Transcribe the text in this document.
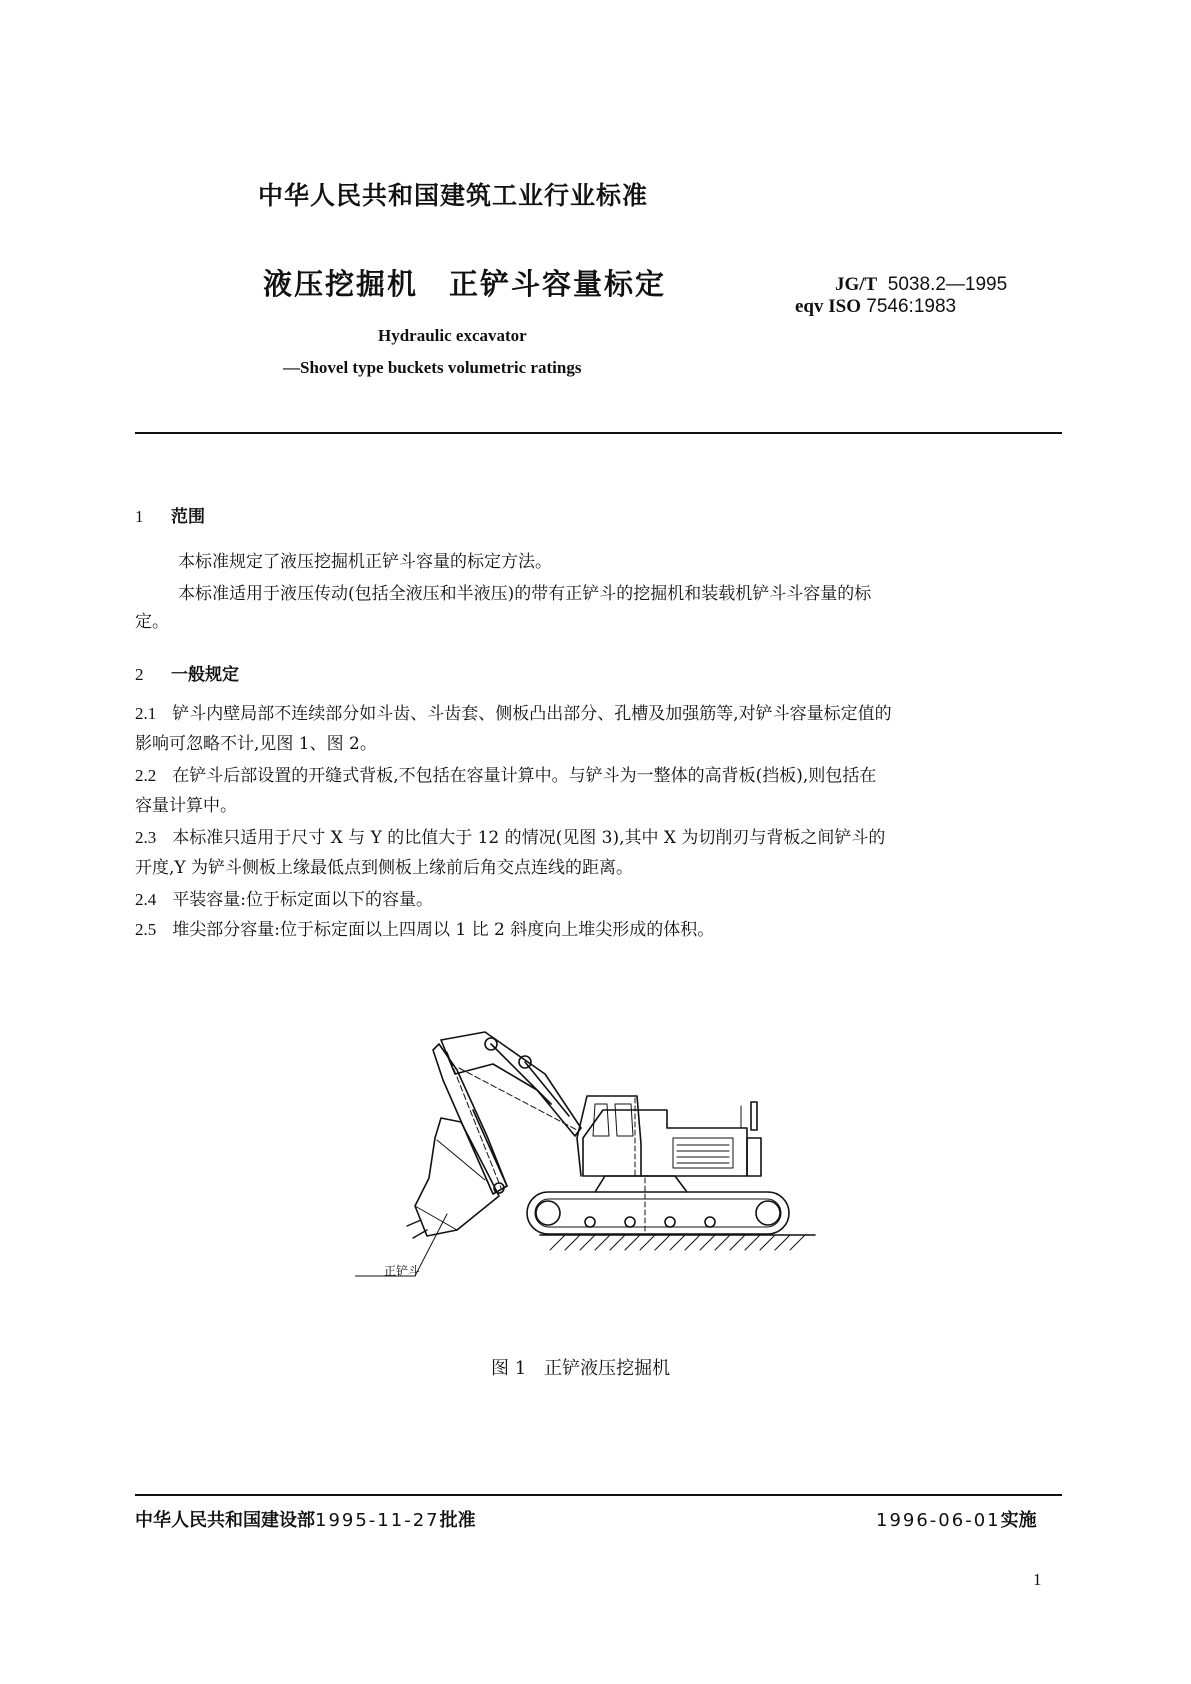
中华人民共和国建筑工业行业标准
液压挖掘机　正铲斗容量标定	JG/T 5038.2—1995
eqv ISO 7546:1983
Hydraulic excavator
—Shovel type buckets volumetric ratings
1 范围
本标准规定了液压挖掘机正铲斗容量的标定方法。
本标准适用于液压传动(包括全液压和半液压)的带有正铲斗的挖掘机和装载机铲斗斗容量的标
定。
2 一般规定
2.1 铲斗内壁局部不连续部分如斗齿、斗齿套、侧板凸出部分、孔槽及加强筋等,对铲斗容量标定值的
影响可忽略不计,见图 1、图 2。
2.2 在铲斗后部设置的开缝式背板,不包括在容量计算中。与铲斗为一整体的高背板(挡板),则包括在
容量计算中。
2.3 本标准只适用于尺寸 X 与 Y 的比值大于 12 的情况(见图 3),其中 X 为切削刃与背板之间铲斗的
开度,Y 为铲斗侧板上缘最低点到侧板上缘前后角交点连线的距离。
2.4 平装容量:位于标定面以下的容量。
2.5 堆尖部分容量:位于标定面以上四周以 1 比 2 斜度向上堆尖形成的体积。
正铲斗
图 1　正铲液压挖掘机
中华人民共和国建设部1995-11-27批准	1996-06-01实施
1
